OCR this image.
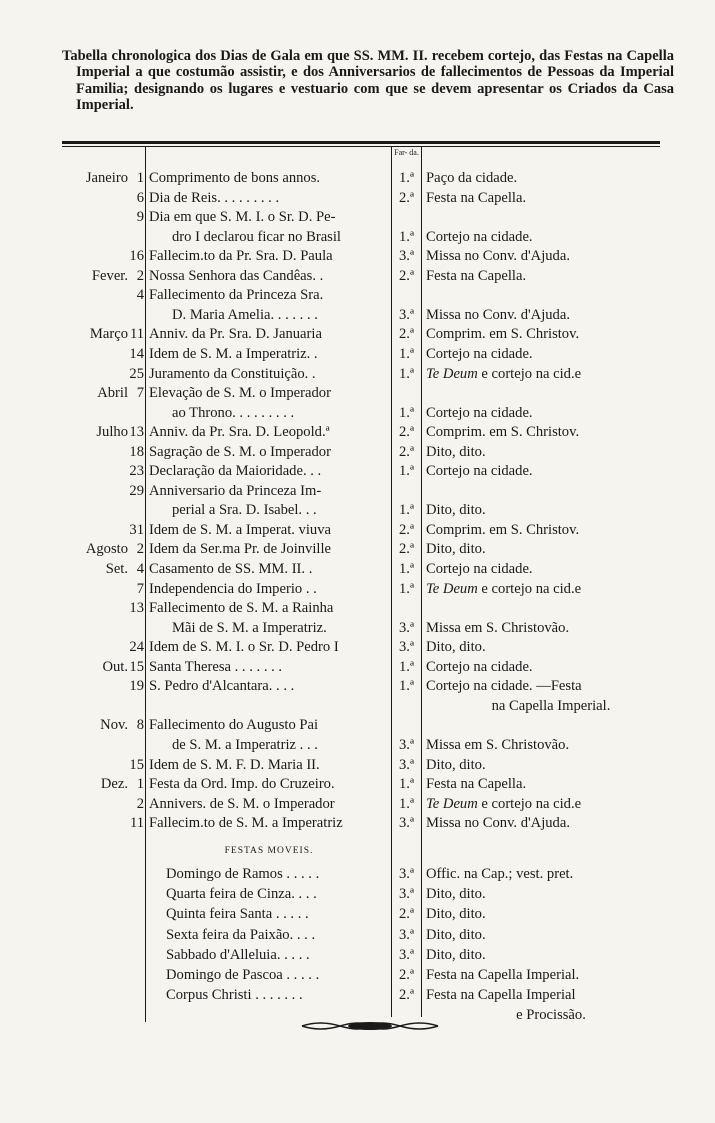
Tabella chronologica dos Dias de Gala em que SS. MM. II. recebem cortejo, das Festas na Capella Imperial a que costumão assistir, e dos Anniversarios de fallecimentos de Pessoas da Imperial Familia; designando os lugares e vestuario com que se devem apresentar os Criados da Casa Imperial.
Far- da.
Janeiro 1 Comprimento de bons annos.	1.ª Paço da cidade.
6 Dia de Reis. . . . . . . . .	2.ª Festa na Capella.
9 Dia em que S. M. I. o Sr. D. Pe-
dro I declarou ficar no Brasil	1.ª Cortejo na cidade.
16 Fallecim.to da Pr. Sra. D. Paula	3.ª Missa no Conv. d'Ajuda.
Fever. 2 Nossa Senhora das Candêas. .	2.ª Festa na Capella.
4 Fallecimento da Princeza Sra.
D. Maria Amelia. . . . . . .	3.ª Missa no Conv. d'Ajuda.
Março 11 Anniv. da Pr. Sra. D. Januaria	2.ª Comprim. em S. Christov.
14 Idem de S. M. a Imperatriz. .	1.ª Cortejo na cidade.
25 Juramento da Constituição. .	1.ª Te Deum e cortejo na cid.e
Abril 7 Elevação de S. M. o Imperador
ao Throno. . . . . . . . .	1.ª Cortejo na cidade.
Julho 13 Anniv. da Pr. Sra. D. Leopold.ª	2.ª Comprim. em S. Christov.
18 Sagração de S. M. o Imperador	2.ª Dito, dito.
23 Declaração da Maioridade. . .	1.ª Cortejo na cidade.
29 Anniversario da Princeza Im-
perial a Sra. D. Isabel. . .	1.ª Dito, dito.
31 Idem de S. M. a Imperat. viuva	2.ª Comprim. em S. Christov.
Agosto 2 Idem da Ser.ma Pr. de Joinville	2.ª Dito, dito.
Set. 4 Casamento de SS. MM. II. .	1.ª Cortejo na cidade.
7 Independencia do Imperio . .	1.ª Te Deum e cortejo na cid.e
13 Fallecimento de S. M. a Rainha
Mãi de S. M. a Imperatriz.	3.ª Missa em S. Christovão.
24 Idem de S. M. I. o Sr. D. Pedro I	3.ª Dito, dito.
Out. 15 Santa Theresa . . . . . . .	1.ª Cortejo na cidade.
19 S. Pedro d'Alcantara. . . .	1.ª Cortejo na cidade. —Festa
na Capella Imperial.
Nov. 8 Fallecimento do Augusto Pai
de S. M. a Imperatriz . . .	3.ª Missa em S. Christovão.
15 Idem de S. M. F. D. Maria II.	3.ª Dito, dito.
Dez. 1 Festa da Ord. Imp. do Cruzeiro.	1.ª Festa na Capella.
2 Annivers. de S. M. o Imperador	1.ª Te Deum e cortejo na cid.e
11 Fallecim.to de S. M. a Imperatriz	3.ª Missa no Conv. d'Ajuda.
FESTAS MOVEIS.
Domingo de Ramos . . . . .	3.ª Offic. na Cap.; vest. pret.
Quarta feira de Cinza. . . .	3.ª Dito, dito.
Quinta feira Santa . . . . .	2.ª Dito, dito.
Sexta feira da Paixão. . . .	3.ª Dito, dito.
Sabbado d'Alleluia. . . . .	3.ª Dito, dito.
Domingo de Pascoa . . . . .	2.ª Festa na Capella Imperial.
Corpus Christi . . . . . . .	2.ª Festa na Capella Imperial
e Procissão.
